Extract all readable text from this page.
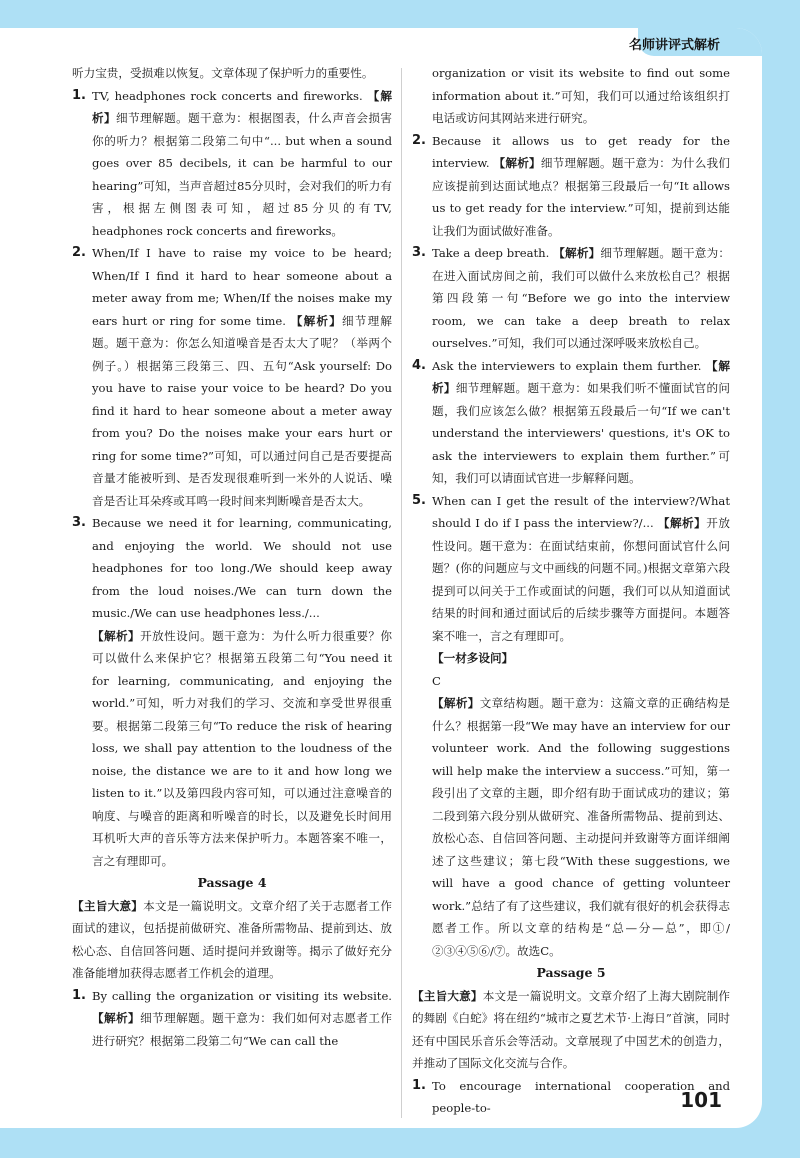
名师讲评式解析

听力宝贵，受损难以恢复。文章体现了保护听力的重要性。

1. TV, headphones rock concerts and fireworks. 【解析】细节理解题。题干意为：根据图表，什么声音会损害你的听力？根据第二段第二句中“... but when a sound goes over 85 decibels, it can be harmful to our hearing”可知，当声音超过85分贝时，会对我们的听力有害，根据左侧图表可知，超过85分贝的有TV, headphones rock concerts and fireworks。
2. When/If I have to raise my voice to be heard; When/If I find it hard to hear someone about a meter away from me; When/If the noises make my ears hurt or ring for some time. 【解析】细节理解题。题干意为：你怎么知道噪音是否太大了呢？（举两个例子。）根据第三段第三、四、五句“Ask yourself: Do you have to raise your voice to be heard? Do you find it hard to hear someone about a meter away from you? Do the noises make your ears hurt or ring for some time?”可知，可以通过问自己是否要提高音量才能被听到、是否发现很难听到一米外的人说话、噪音是否让耳朵疼或耳鸣一段时间来判断噪音是否太大。
3. Because we need it for learning, communicating, and enjoying the world. We should not use headphones for too long./We should keep away from the loud noises./We can turn down the music./We can use headphones less./...

【解析】开放性设问。题干意为：为什么听力很重要？你可以做什么来保护它？根据第五段第二句“You need it for learning, communicating, and enjoying the world.”可知，听力对我们的学习、交流和享受世界很重要。根据第二段第三句“To reduce the risk of hearing loss, we shall pay attention to the loudness of the noise, the distance we are to it and how long we listen to it.”以及第四段内容可知，可以通过注意噪音的响度、与噪音的距离和听噪音的时长，以及避免长时间用耳机听大声的音乐等方法来保护听力。本题答案不唯一，言之有理即可。

Passage 4

【主旨大意】本文是一篇说明文。文章介绍了关于志愿者工作面试的建议，包括提前做研究、准备所需物品、提前到达、放松心态、自信回答问题、适时提问并致谢等。揭示了做好充分准备能增加获得志愿者工作机会的道理。

1. By calling the organization or visiting its website. 【解析】细节理解题。题干意为：我们如何对志愿者工作进行研究？根据第二段第二句“We can call the

organization or visit its website to find out some information about it.”可知，我们可以通过给该组织打电话或访问其网站来进行研究。

2. Because it allows us to get ready for the interview. 【解析】细节理解题。题干意为：为什么我们应该提前到达面试地点？根据第三段最后一句“It allows us to get ready for the interview.”可知，提前到达能让我们为面试做好准备。
3. Take a deep breath. 【解析】细节理解题。题干意为：在进入面试房间之前，我们可以做什么来放松自己？根据第四段第一句“Before we go into the interview room, we can take a deep breath to relax ourselves.”可知，我们可以通过深呼吸来放松自己。
4. Ask the interviewers to explain them further. 【解析】细节理解题。题干意为：如果我们听不懂面试官的问题，我们应该怎么做？根据第五段最后一句“If we can't understand the interviewers' questions, it's OK to ask the interviewers to explain them further.”可知，我们可以请面试官进一步解释问题。
5. When can I get the result of the interview?/What should I do if I pass the interview?/... 【解析】开放性设问。题干意为：在面试结束前，你想问面试官什么问题？(你的问题应与文中画线的问题不同。)根据文章第六段提到可以问关于工作或面试的问题，我们可以从知道面试结果的时间和通过面试后的后续步骤等方面提问。本题答案不唯一，言之有理即可。

【一材多设问】

C

【解析】文章结构题。题干意为：这篇文章的正确结构是什么？根据第一段“We may have an interview for our volunteer work. And the following suggestions will help make the interview a success.”可知，第一段引出了文章的主题，即介绍有助于面试成功的建议；第二段到第六段分别从做研究、准备所需物品、提前到达、放松心态、自信回答问题、主动提问并致谢等方面详细阐述了这些建议；第七段“With these suggestions, we will have a good chance of getting volunteer work.”总结了有了这些建议，我们就有很好的机会获得志愿者工作。所以文章的结构是“总—分—总”，即①/②③④⑤⑥/⑦。故选C。

Passage 5

【主旨大意】本文是一篇说明文。文章介绍了上海大剧院制作的舞剧《白蛇》将在纽约“城市之夏艺术节·上海日”首演，同时还有中国民乐音乐会等活动。文章展现了中国艺术的创造力，并推动了国际文化交流与合作。

1. To encourage international cooperation and people-to-	101
